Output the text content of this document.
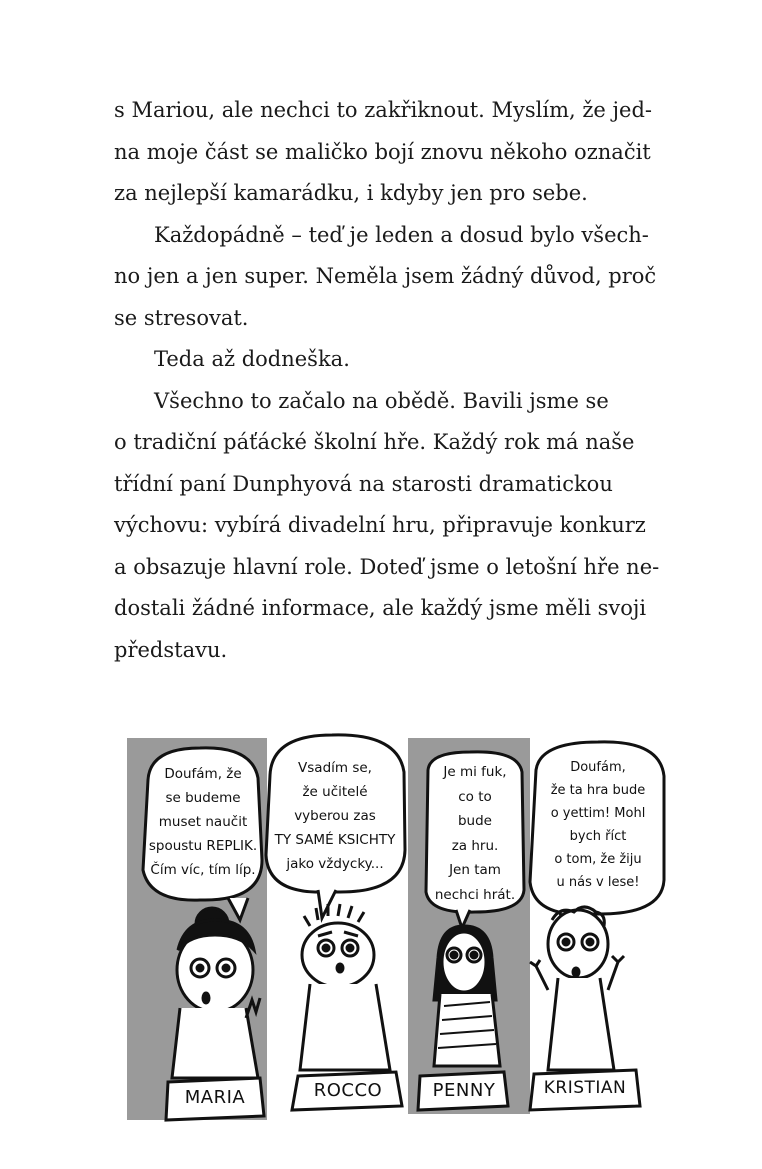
s Mariou, ale nechci to zakřiknout. Myslím, že jed-
na moje část se maličko bojí znovu někoho označit
za nejlepší kamarádku, i kdyby jen pro sebe.

Každopádně – teď je leden a dosud bylo všech-
no jen a jen super. Neměla jsem žádný důvod, proč
se stresovat.

Teda až dodneška.

Všechno to začalo na obědě. Bavili jsme se
o tradiční páťácké školní hře. Každý rok má naše
třídní paní Dunphyová na starosti dramatickou
výchovu: vybírá divadelní hru, připravuje konkurz
a obsazuje hlavní role. Doteď jsme o letošní hře ne-
dostali žádné informace, ale každý jsme měli svoji
představu.

Doufám, že
se budeme
muset naučit
spoustu REPLIK.
Čím víc, tím líp.
Vsadím se,
že učitelé
vyberou zas
TY SAMÉ KSICHTY
jako vždycky...
Je mi fuk,
co to
bude
za hru.
Jen tam
nechci hrát.
Doufám,
že ta hra bude
o yettim! Mohl
bych říct
o tom, že žiju
u nás v lese!
MARIA	ROCCO	PENNY	KRISTIAN
